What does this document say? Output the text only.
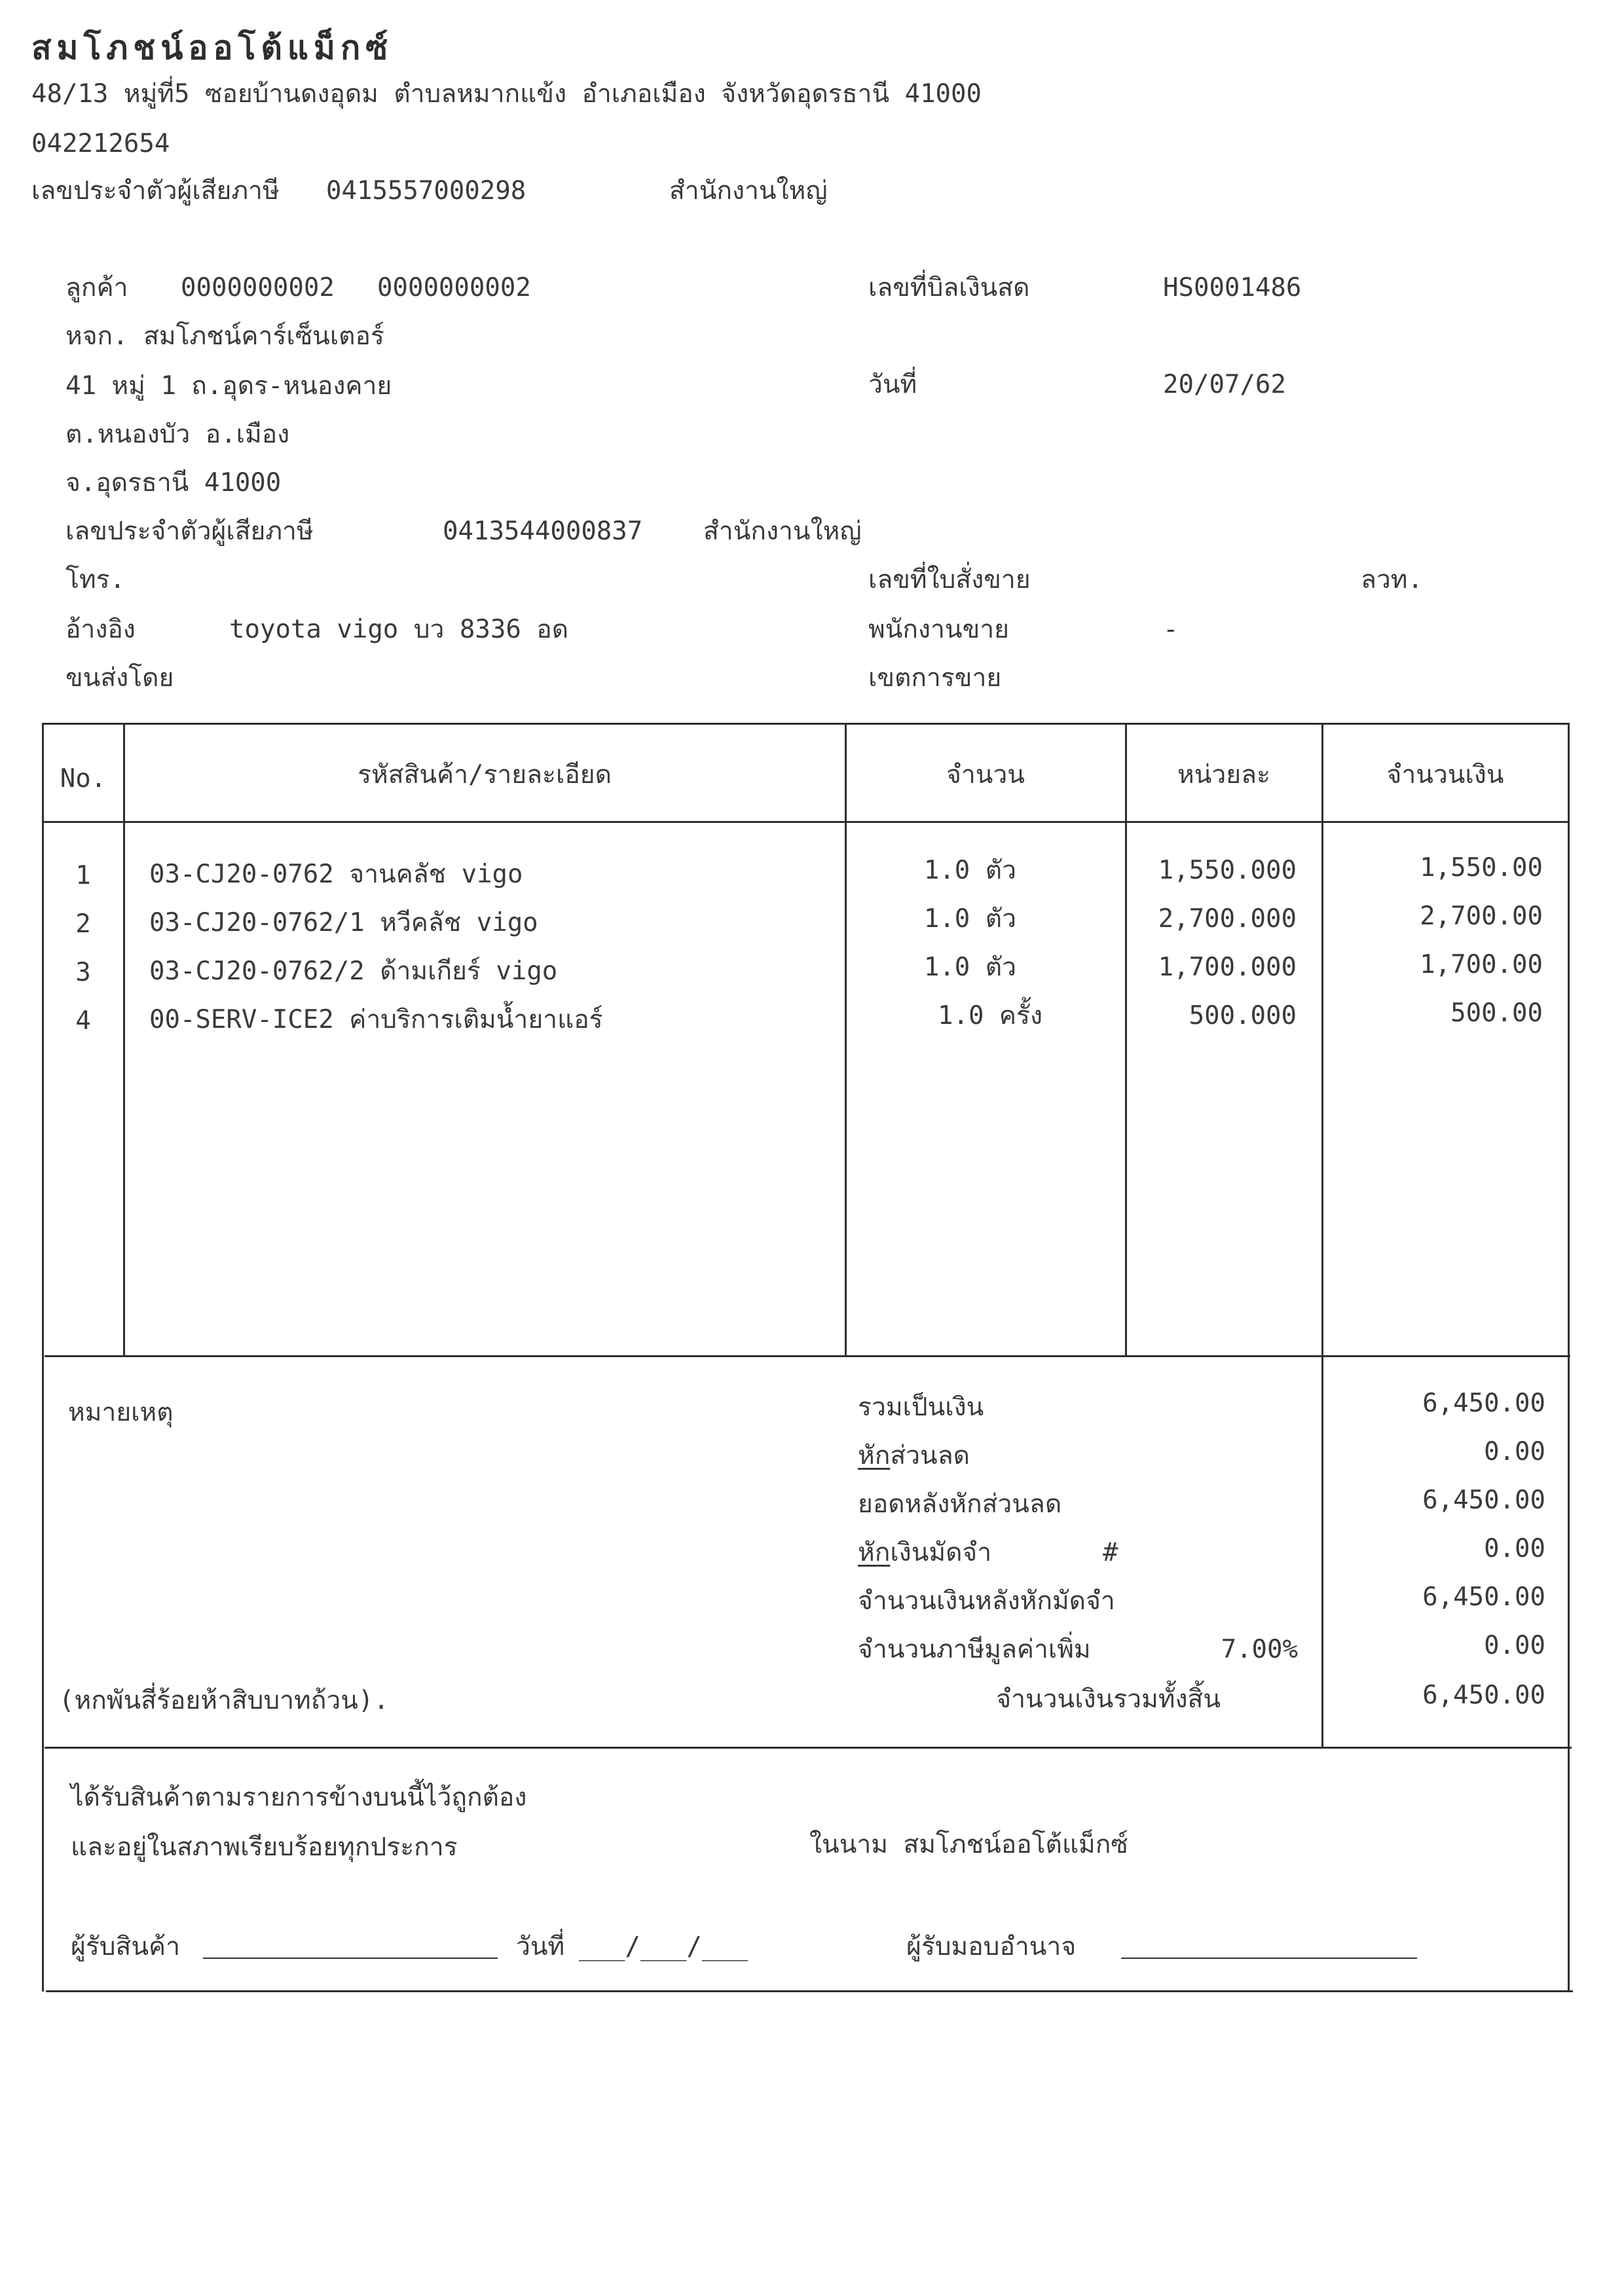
สมโภชน์ออโต้แม็กซ์
48/13 หมู่ที่5 ซอยบ้านดงอุดม ตำบลหมากแข้ง อำเภอเมือง จังหวัดอุดรธานี 41000
042212654
เลขประจำตัวผู้เสียภาษี 0415557000298	สำนักงานใหญ่
ลูกค้า 0000000002 0000000002
หจก. สมโภชน์คาร์เซ็นเตอร์
41 หมู่ 1 ถ.อุดร-หนองคาย
ต.หนองบัว อ.เมือง
จ.อุดรธานี 41000
เลขประจำตัวผู้เสียภาษี	0413544000837 สำนักงานใหญ่
โทร.
อ้างอิง	toyota vigo บว 8336 อด
ขนส่งโดย
เลขที่บิลเงินสด	HS0001486
วันที่	20/07/62
เลขที่ใบสั่งขาย	ลวท.
พนักงานขาย	-
เขตการขาย
No.	รหัสสินค้า/รายละเอียด	จำนวน	หน่วยละ	จำนวนเงิน
1	03-CJ20-0762 จานคลัช vigo	1.0 ตัว	1,550.000	1,550.00
2	03-CJ20-0762/1 หวีคลัช vigo	1.0 ตัว	2,700.000	2,700.00
3	03-CJ20-0762/2 ด้ามเกียร์ vigo	1.0 ตัว	1,700.000	1,700.00
4	00-SERV-ICE2 ค่าบริการเติมน้ำยาแอร์	1.0 ครั้ง	500.000	500.00
หมายเหตุ	รวมเป็นเงิน	6,450.00
หักส่วนลด	0.00
ยอดหลังหักส่วนลด	6,450.00
หักเงินมัดจำ	#	0.00
จำนวนเงินหลังหักมัดจำ	6,450.00
จำนวนภาษีมูลค่าเพิ่ม	7.00%	0.00
(หกพันสี่ร้อยห้าสิบบาทถ้วน).	จำนวนเงินรวมทั้งสิ้น	6,450.00
ได้รับสินค้าตามรายการข้างบนนี้ไว้ถูกต้อง
และอยู่ในสภาพเรียบร้อยทุกประการ	ในนาม สมโภชน์ออโต้แม็กซ์
ผู้รับสินค้า	วันที่ ___/___/___	ผู้รับมอบอำนาจ
